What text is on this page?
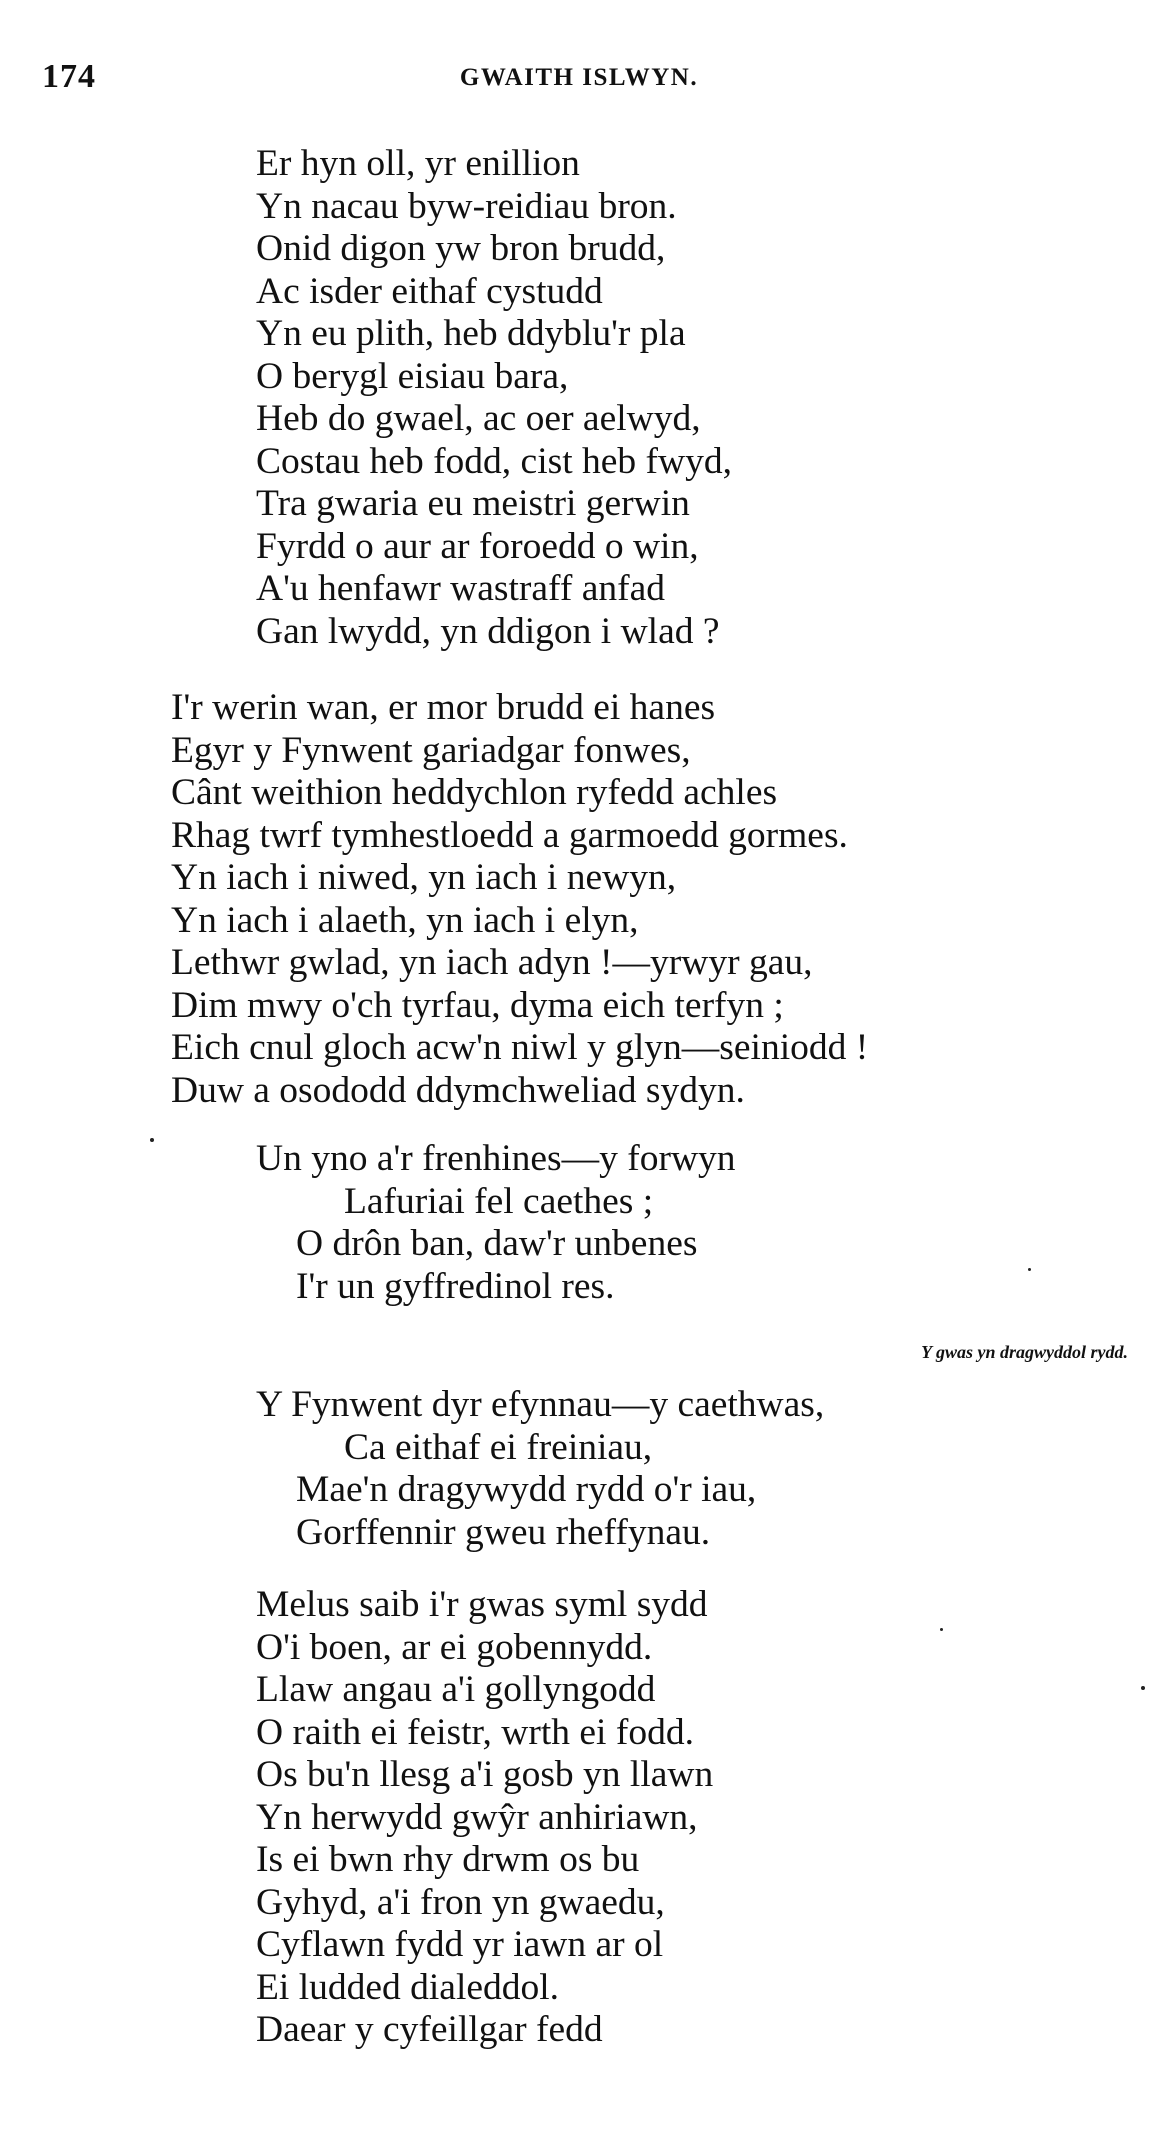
174	GWAITH ISLWYN.
Er hyn oll, yr enillion
Yn nacau byw-reidiau bron.
Onid digon yw bron brudd,
Ac isder eithaf cystudd
Yn eu plith, heb ddyblu'r pla
O berygl eisiau bara,
Heb do gwael, ac oer aelwyd,
Costau heb fodd, cist heb fwyd,
Tra gwaria eu meistri gerwin
Fyrdd o aur ar foroedd o win,
A'u henfawr wastraff anfad
Gan lwydd, yn ddigon i wlad ?
I'r werin wan, er mor brudd ei hanes
Egyr y Fynwent gariadgar fonwes,
Cânt weithion heddychlon ryfedd achles
Rhag twrf tymhestloedd a garmoedd gormes.
Yn iach i niwed, yn iach i newyn,
Yn iach i alaeth, yn iach i elyn,
Lethwr gwlad, yn iach adyn !—yrwyr gau,
Dim mwy o'ch tyrfau, dyma eich terfyn ;
Eich cnul gloch acw'n niwl y glyn—seiniodd !
Duw a osododd ddymchweliad sydyn.
Un yno a'r frenhines—y forwyn
Lafuriai fel caethes ;
O drôn ban, daw'r unbenes
I'r un gyffredinol res.
Y gwas yn dragwyddol rydd.
Y Fynwent dyr efynnau—y caethwas,
Ca eithaf ei freiniau,
Mae'n dragywydd rydd o'r iau,
Gorffennir gweu rheffynau.
Melus saib i'r gwas syml sydd
O'i boen, ar ei gobennydd.
Llaw angau a'i gollyngodd
O raith ei feistr, wrth ei fodd.
Os bu'n llesg a'i gosb yn llawn
Yn herwydd gwŷr anhiriawn,
Is ei bwn rhy drwm os bu
Gyhyd, a'i fron yn gwaedu,
Cyflawn fydd yr iawn ar ol
Ei ludded dialeddol.
Daear y cyfeillgar fedd
